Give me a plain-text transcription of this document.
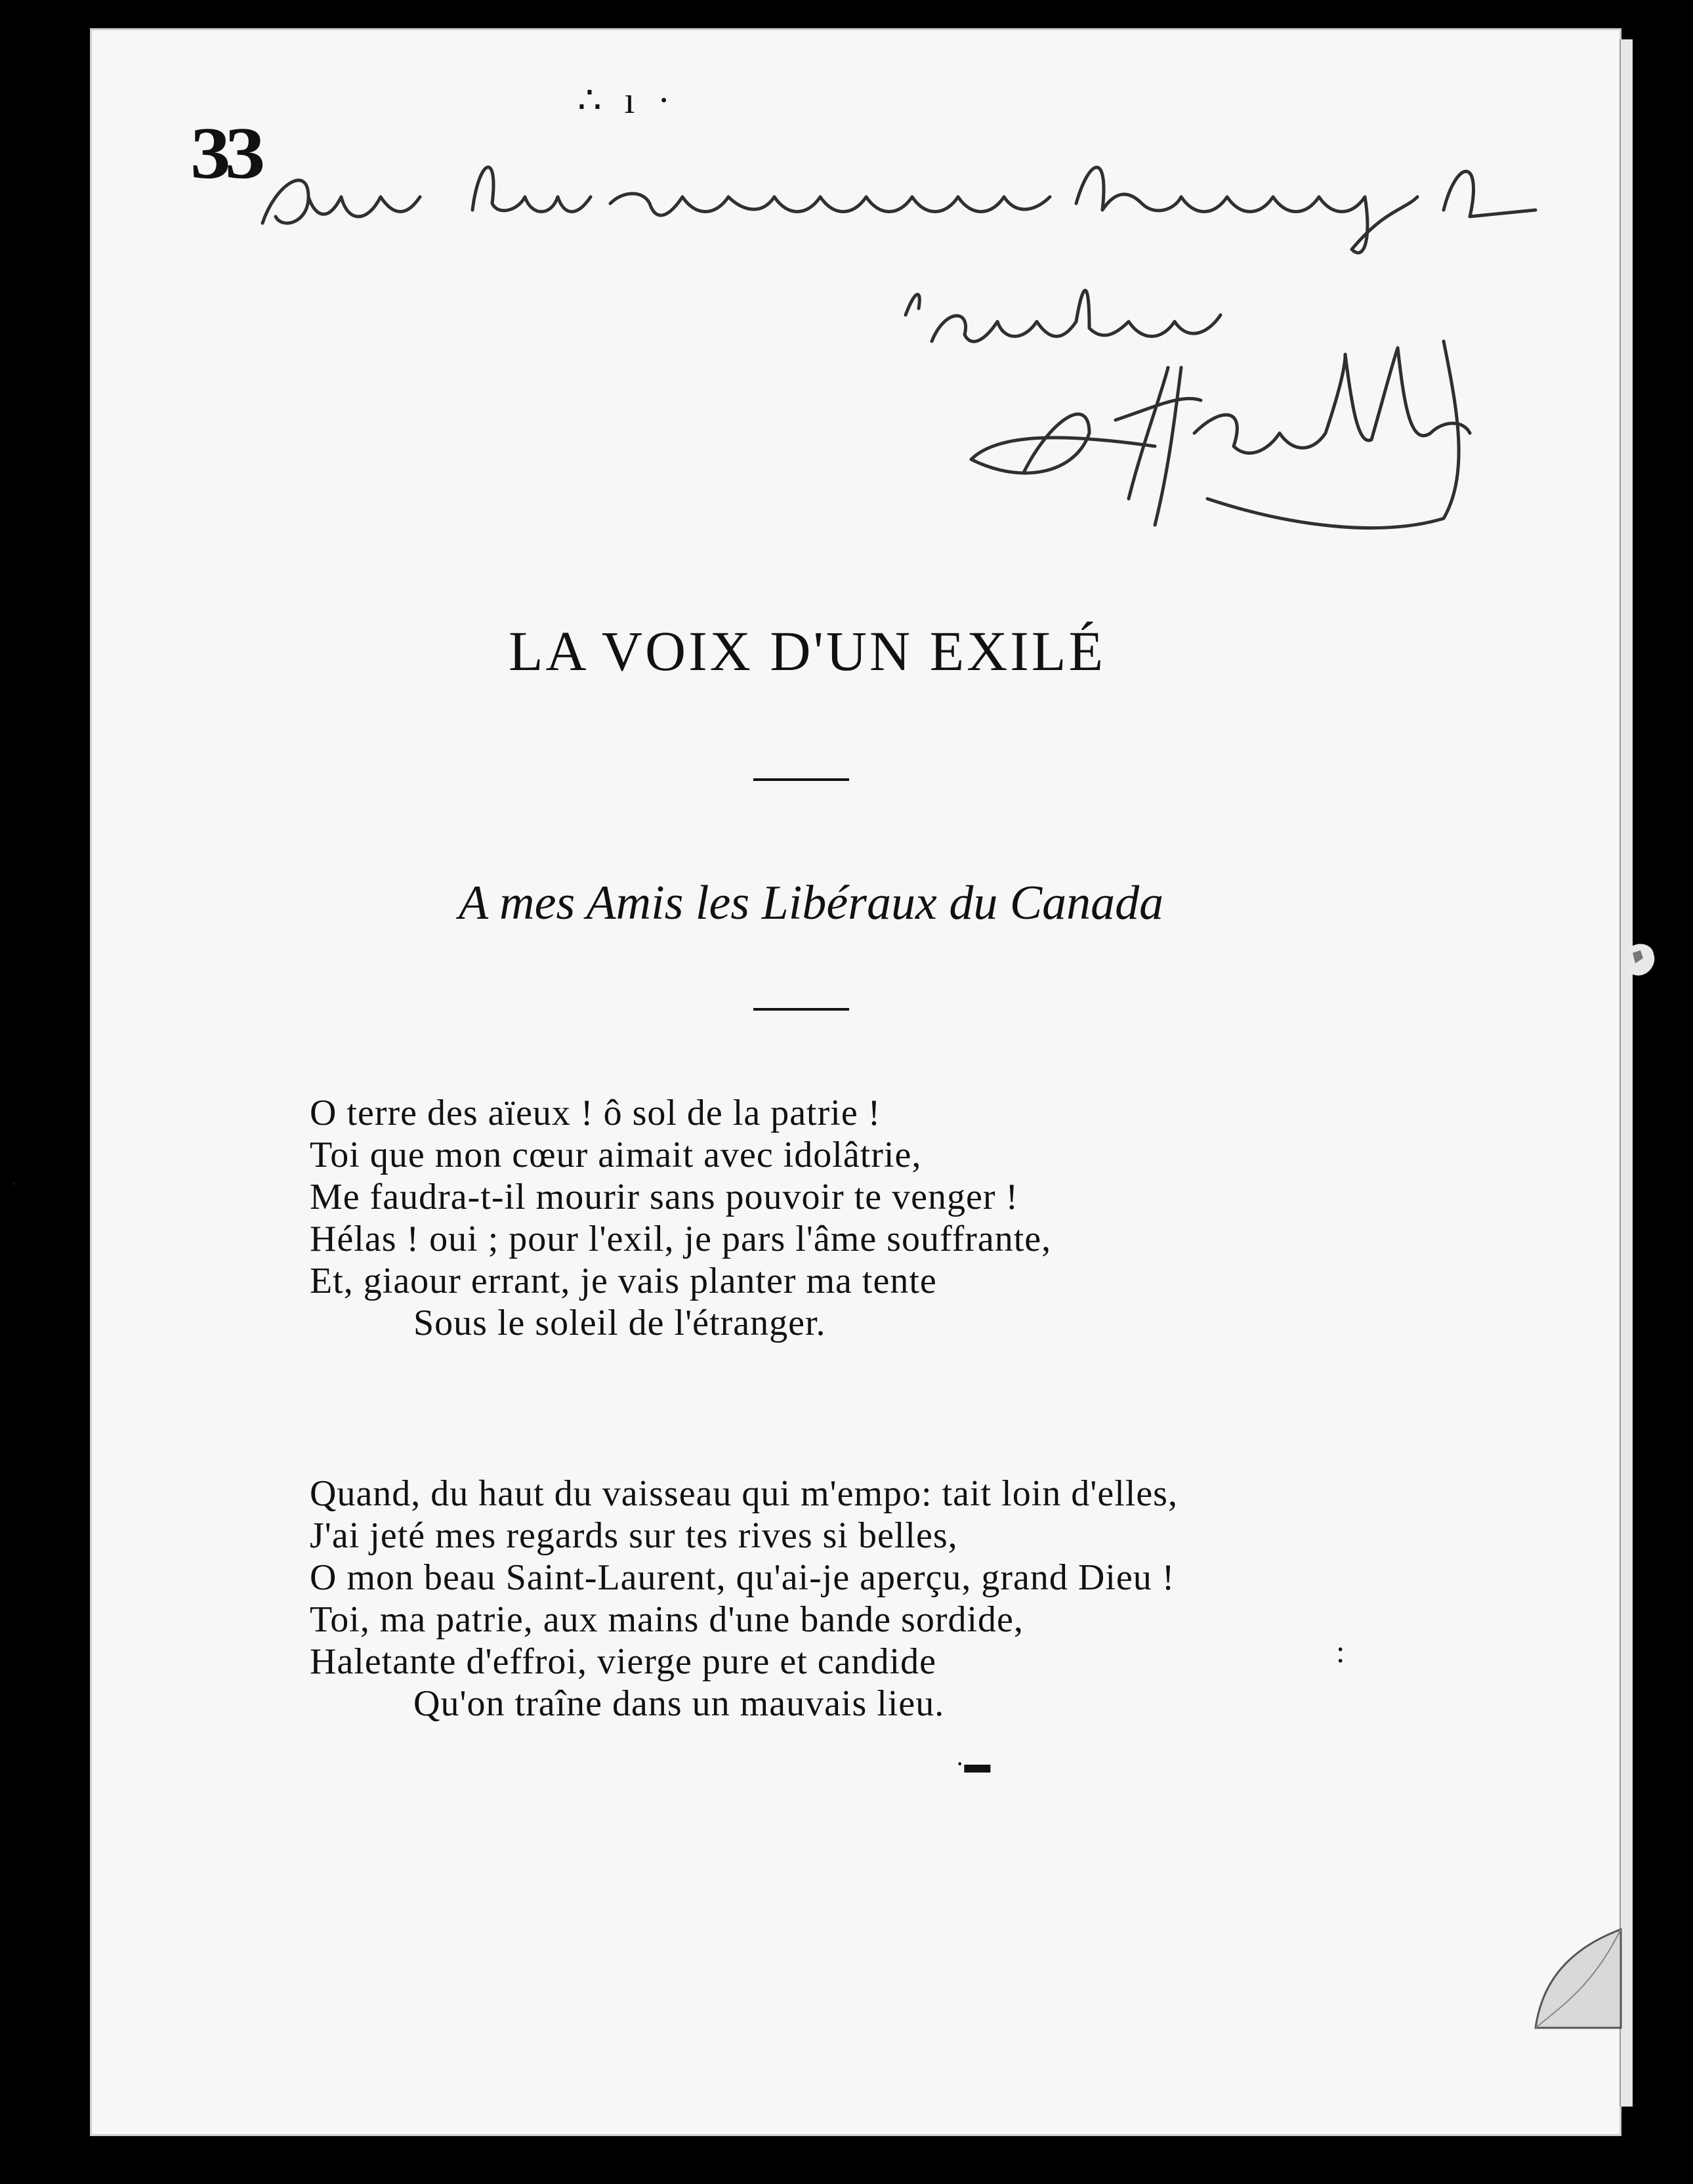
33
∴ ı ·
LA VOIX D'UN EXILÉ
A mes Amis les Libéraux du Canada
O terre des aïeux ! ô sol de la patrie !
Toi que mon cœur aimait avec idolâtrie,
Me faudra-t-il mourir sans pouvoir te venger !
Hélas ! oui ; pour l'exil, je pars l'âme souffrante,
Et, giaour errant, je vais planter ma tente
Sous le soleil de l'étranger.
Quand, du haut du vaisseau qui m'empo: tait loin d'elles,
J'ai jeté mes regards sur tes rives si belles,
O mon beau Saint-Laurent, qu'ai-je aperçu, grand Dieu !
Toi, ma patrie, aux mains d'une bande sordide,
Haletante d'effroi, vierge pure et candide
Qu'on traîne dans un mauvais lieu.
:
·▬
·
